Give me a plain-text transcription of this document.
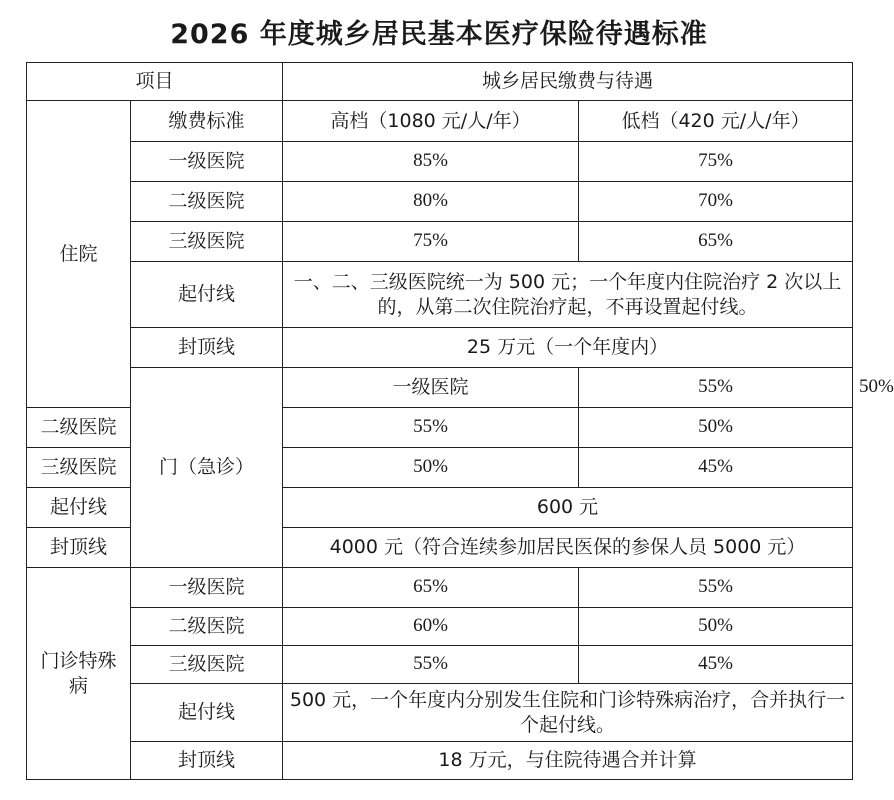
2026 年度城乡居民基本医疗保险待遇标准
项目		城乡居民缴费与待遇		
住院	缴费标准	高档（1080 元/人/年）	低档（420 元/人/年）	
	一级医院	85%	75%	
	二级医院	80%	70%	
	三级医院	75%	65%	
	起付线	一、二、三级医院统一为 500 元；一个年度内住院治疗 2 次以上的，从第二次住院治疗起，不再设置起付线。		
	封顶线	25 万元（一个年度内）		
	门（急诊）	一级医院	55%	50%
二级医院		55%	50%	
三级医院		50%	45%	
起付线		600 元		
封顶线		4000 元（符合连续参加居民医保的参保人员 5000 元）		
门诊特殊病	一级医院	65%	55%	
	二级医院	60%	50%	
	三级医院	55%	45%	
	起付线	500 元，一个年度内分别发生住院和门诊特殊病治疗，合并执行一个起付线。		
	封顶线	18 万元，与住院待遇合并计算		
